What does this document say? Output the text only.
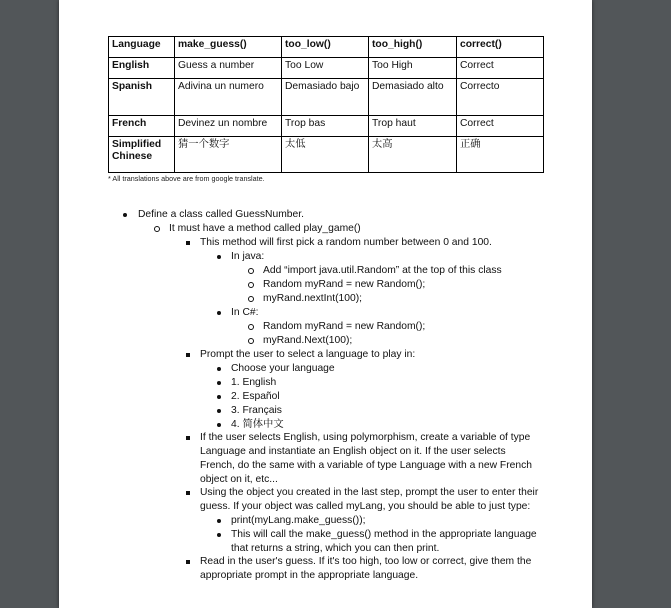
Language	make_guess()	too_low()	too_high()	correct()
English	Guess a number	Too Low	Too High	Correct
Spanish	Adivina un numero	Demasiado bajo	Demasiado alto	Correcto
French	Devinez un nombre	Trop bas	Trop haut	Correct
Simplified Chinese	猜一个数字	太低	太高	正确
* All translations above are from google translate.
Define a class called GuessNumber.
It must have a method called play_game()
This method will first pick a random number between 0 and 100.
In java:
Add “import java.util.Random” at the top of this class
Random myRand = new Random();
myRand.nextInt(100);
In C#:
Random myRand = new Random();
myRand.Next(100);
Prompt the user to select a language to play in:
Choose your language
1. English
2. Español
3. Français
4. 简体中文
If the user selects English, using polymorphism, create a variable of type
Language and instantiate an English object on it. If the user selects
French, do the same with a variable of type Language with a new French
object on it, etc...
Using the object you created in the last step, prompt the user to enter their
guess. If your object was called myLang, you should be able to just type:
print(myLang.make_guess());
This will call the make_guess() method in the appropriate language
that returns a string, which you can then print.
Read in the user's guess. If it's too high, too low or correct, give them the
appropriate prompt in the appropriate language.
